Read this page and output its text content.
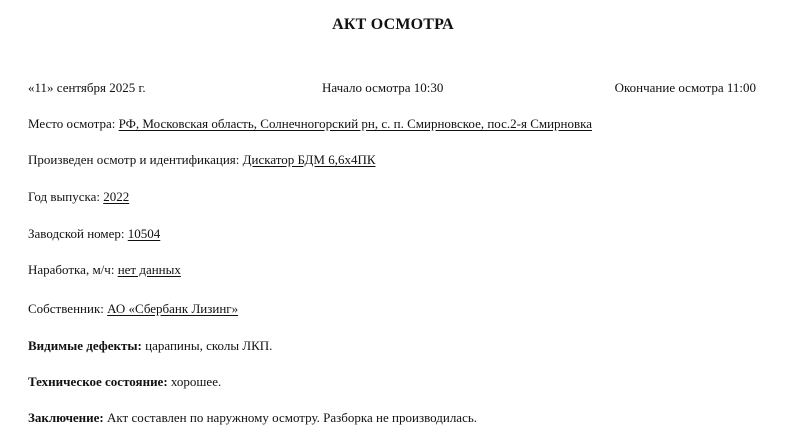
АКТ ОСМОТРА
«11» сентября 2025 г.	Начало осмотра 10:30	Окончание осмотра 11:00
Место осмотра: РФ, Московская область, Солнечногорский рн, с. п. Смирновское, пос.2-я Смирновка
Произведен осмотр и идентификация: Дискатор БДМ 6,6х4ПК
Год выпуска: 2022
Заводской номер: 10504
Наработка, м/ч: нет данных
Собственник: АО «Сбербанк Лизинг»
Видимые дефекты: царапины, сколы ЛКП.
Техническое состояние: хорошее.
Заключение: Акт составлен по наружному осмотру. Разборка не производилась.
